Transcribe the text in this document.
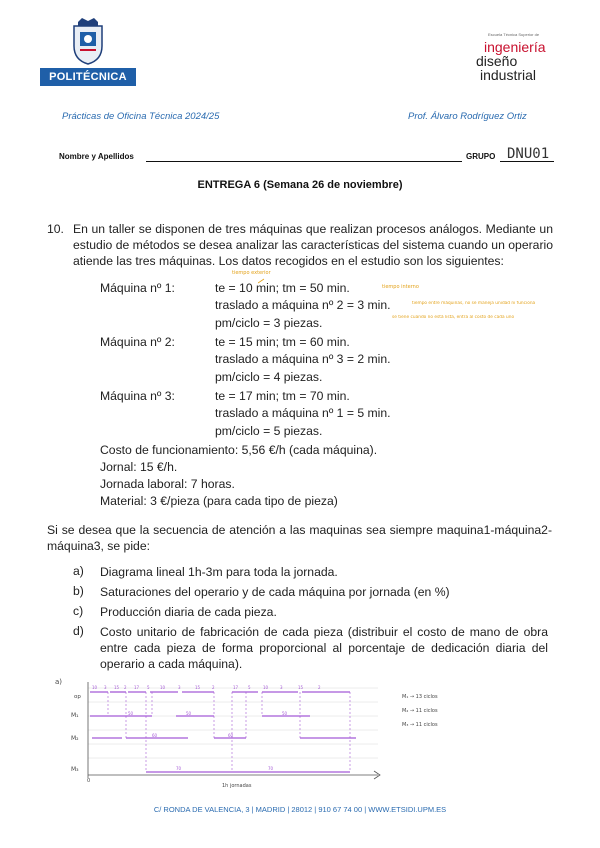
POLITÉCNICA
Escuela Técnica Superior de
ingeniería
diseño
industrial
Prácticas de Oficina Técnica 2024/25	Prof. Álvaro Rodríguez Ortiz
Nombre y Apellidos	GRUPO DNU01
ENTREGA 6 (Semana 26 de noviembre)
10. En un taller se disponen de tres máquinas que realizan procesos análogos. Mediante un estudio de métodos se desea analizar las características del sistema cuando un operario atiende las tres máquinas. Los datos recogidos en el estudio son los siguientes:
Máquina nº 1:	te = 10 min; tm = 50 min.
traslado a máquina nº 2 = 3 min.
pm/ciclo = 3 piezas.
tiempo exterior
tiempo interno
tiempo entre máquinas, no se maneja unidad ni funciona
se tiene cuando no está lista, entra al costo de cada uno
Máquina nº 2:	te = 15 min; tm = 60 min.
traslado a máquina nº 3 = 2 min.
pm/ciclo = 4 piezas.
Máquina nº 3:	te = 17 min; tm = 70 min.
traslado a máquina nº 1 = 5 min.
pm/ciclo = 5 piezas.
Costo de funcionamiento: 5,56 €/h (cada máquina).
Jornal: 15 €/h.
Jornada laboral: 7 horas.
Material: 3 €/pieza (para cada tipo de pieza)
Si se desea que la secuencia de atención a las maquinas sea siempre maquina1-máquina2-máquina3, se pide:
a) Diagrama lineal 1h-3m para toda la jornada.
b) Saturaciones del operario y de cada máquina por jornada (en %)
c) Producción diaria de cada pieza.
d) Costo unitario de fabricación de cada pieza (distribuir el costo de mano de obra entre cada pieza de forma proporcional al porcentaje de dedicación diaria del operario a cada máquina).
a)
op
M₁
M₂
M₃
0
1h jornadas
10 3 15 2 17 5	10	3	15	2	17 5	10	3	15	2
50	50	50
60	60
70	70
M₁ → 13 ciclos
M₂ → 11 ciclos
M₃ → 11 ciclos
C/ RONDA DE VALENCIA, 3 | MADRID | 28012 | 910 67 74 00 | WWW.ETSIDI.UPM.ES
